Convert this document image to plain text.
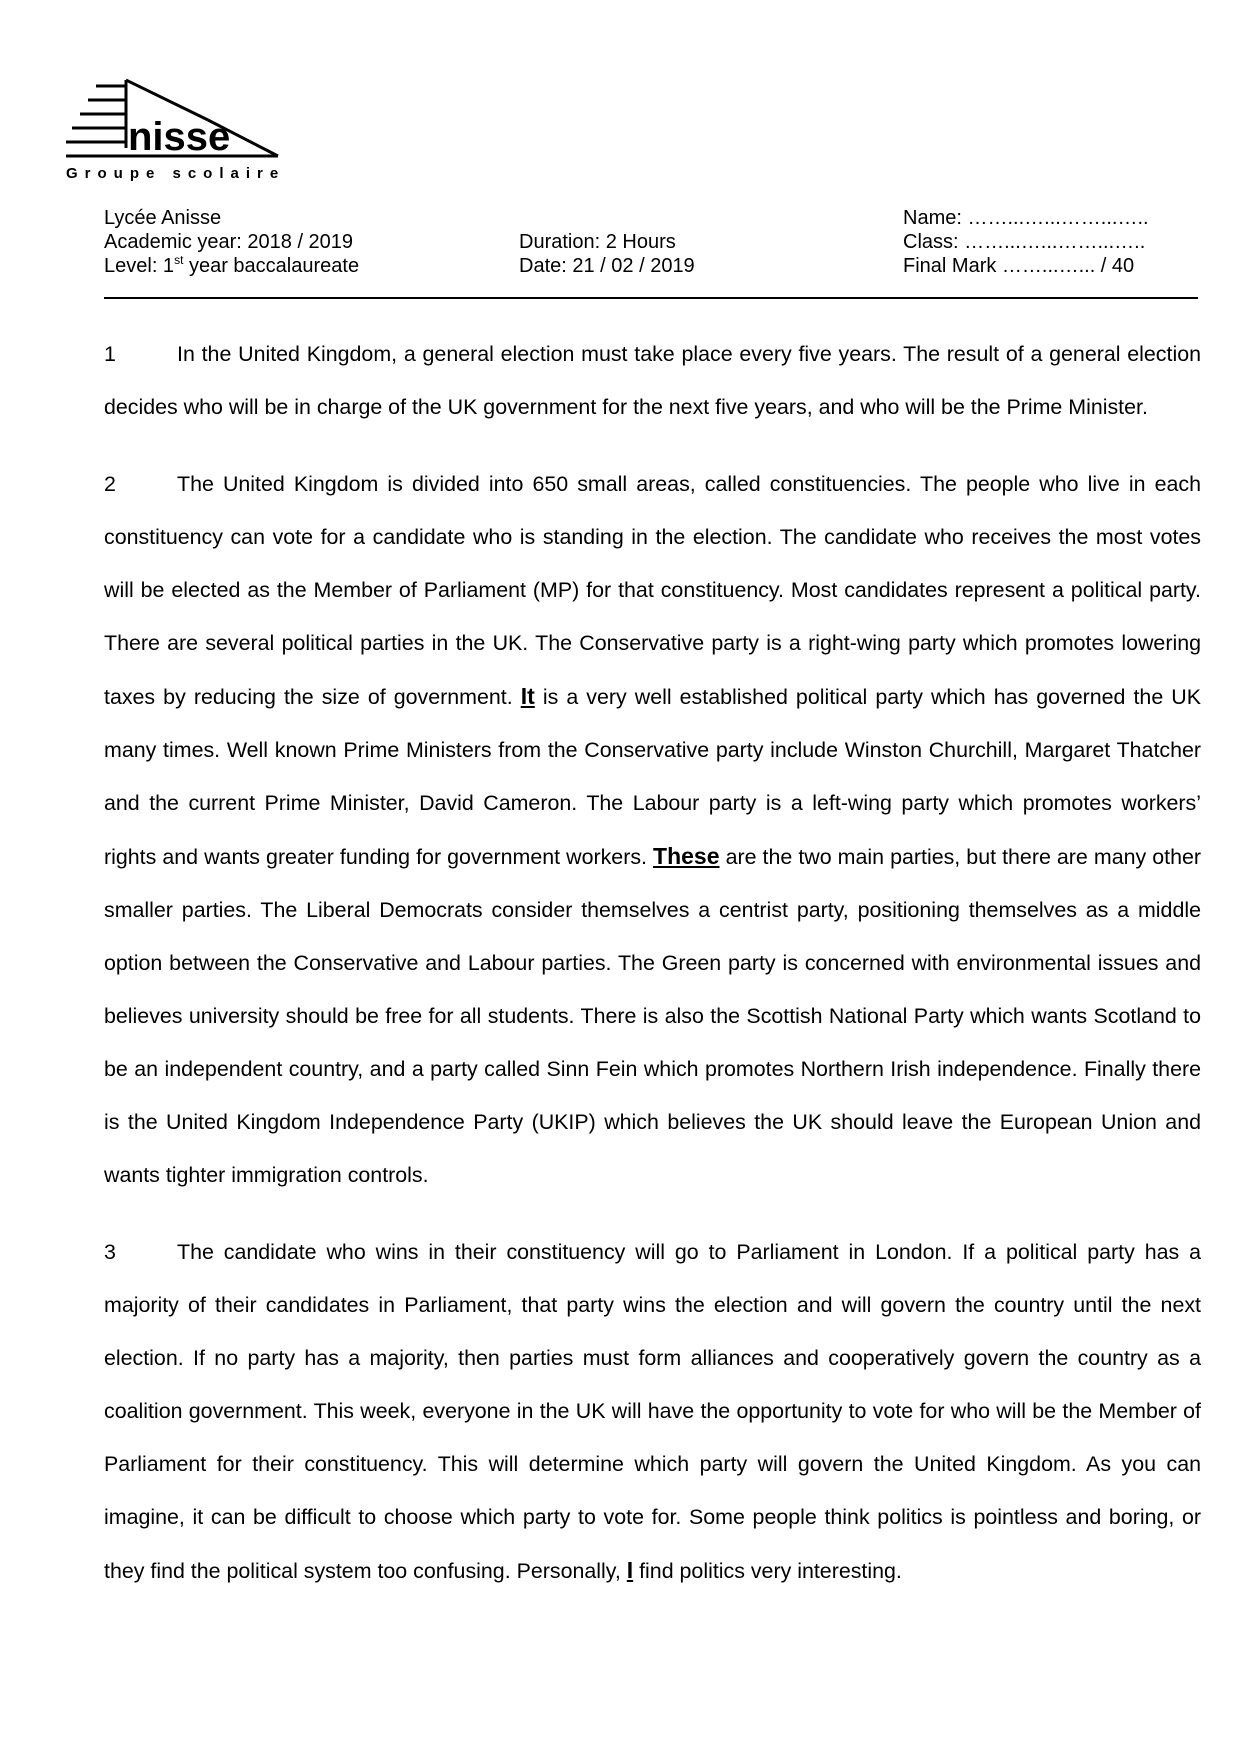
nisse
Groupe scolaire
Lycée Anisse
Academic year: 2018 / 2019
Level: 1st year baccalaureate
Duration: 2 Hours
Date: 21 / 02 / 2019
Name: ……...…...……...…..
Class: ……...…...……...…..
Final Mark ……...…... / 40

1	In the United Kingdom, a general election must take place every five years. The result of a general election decides who will be in charge of the UK government for the next five years, and who will be the Prime Minister.

2	The United Kingdom is divided into 650 small areas, called constituencies. The people who live in each constituency can vote for a candidate who is standing in the election. The candidate who receives the most votes will be elected as the Member of Parliament (MP) for that constituency. Most candidates represent a political party. There are several political parties in the UK. The Conservative party is a right-wing party which promotes lowering taxes by reducing the size of government. It is a very well established political party which has governed the UK many times. Well known Prime Ministers from the Conservative party include Winston Churchill, Margaret Thatcher and the current Prime Minister, David Cameron. The Labour party is a left-wing party which promotes workers’ rights and wants greater funding for government workers. These are the two main parties, but there are many other smaller parties. The Liberal Democrats consider themselves a centrist party, positioning themselves as a middle option between the Conservative and Labour parties. The Green party is concerned with environmental issues and believes university should be free for all students. There is also the Scottish National Party which wants Scotland to be an independent country, and a party called Sinn Fein which promotes Northern Irish independence. Finally there is the United Kingdom Independence Party (UKIP) which believes the UK should leave the European Union and wants tighter immigration controls.

3	The candidate who wins in their constituency will go to Parliament in London. If a political party has a majority of their candidates in Parliament, that party wins the election and will govern the country until the next election. If no party has a majority, then parties must form alliances and cooperatively govern the country as a coalition government. This week, everyone in the UK will have the opportunity to vote for who will be the Member of Parliament for their constituency. This will determine which party will govern the United Kingdom. As you can imagine, it can be difficult to choose which party to vote for. Some people think politics is pointless and boring, or they find the political system too confusing. Personally, I find politics very interesting.
